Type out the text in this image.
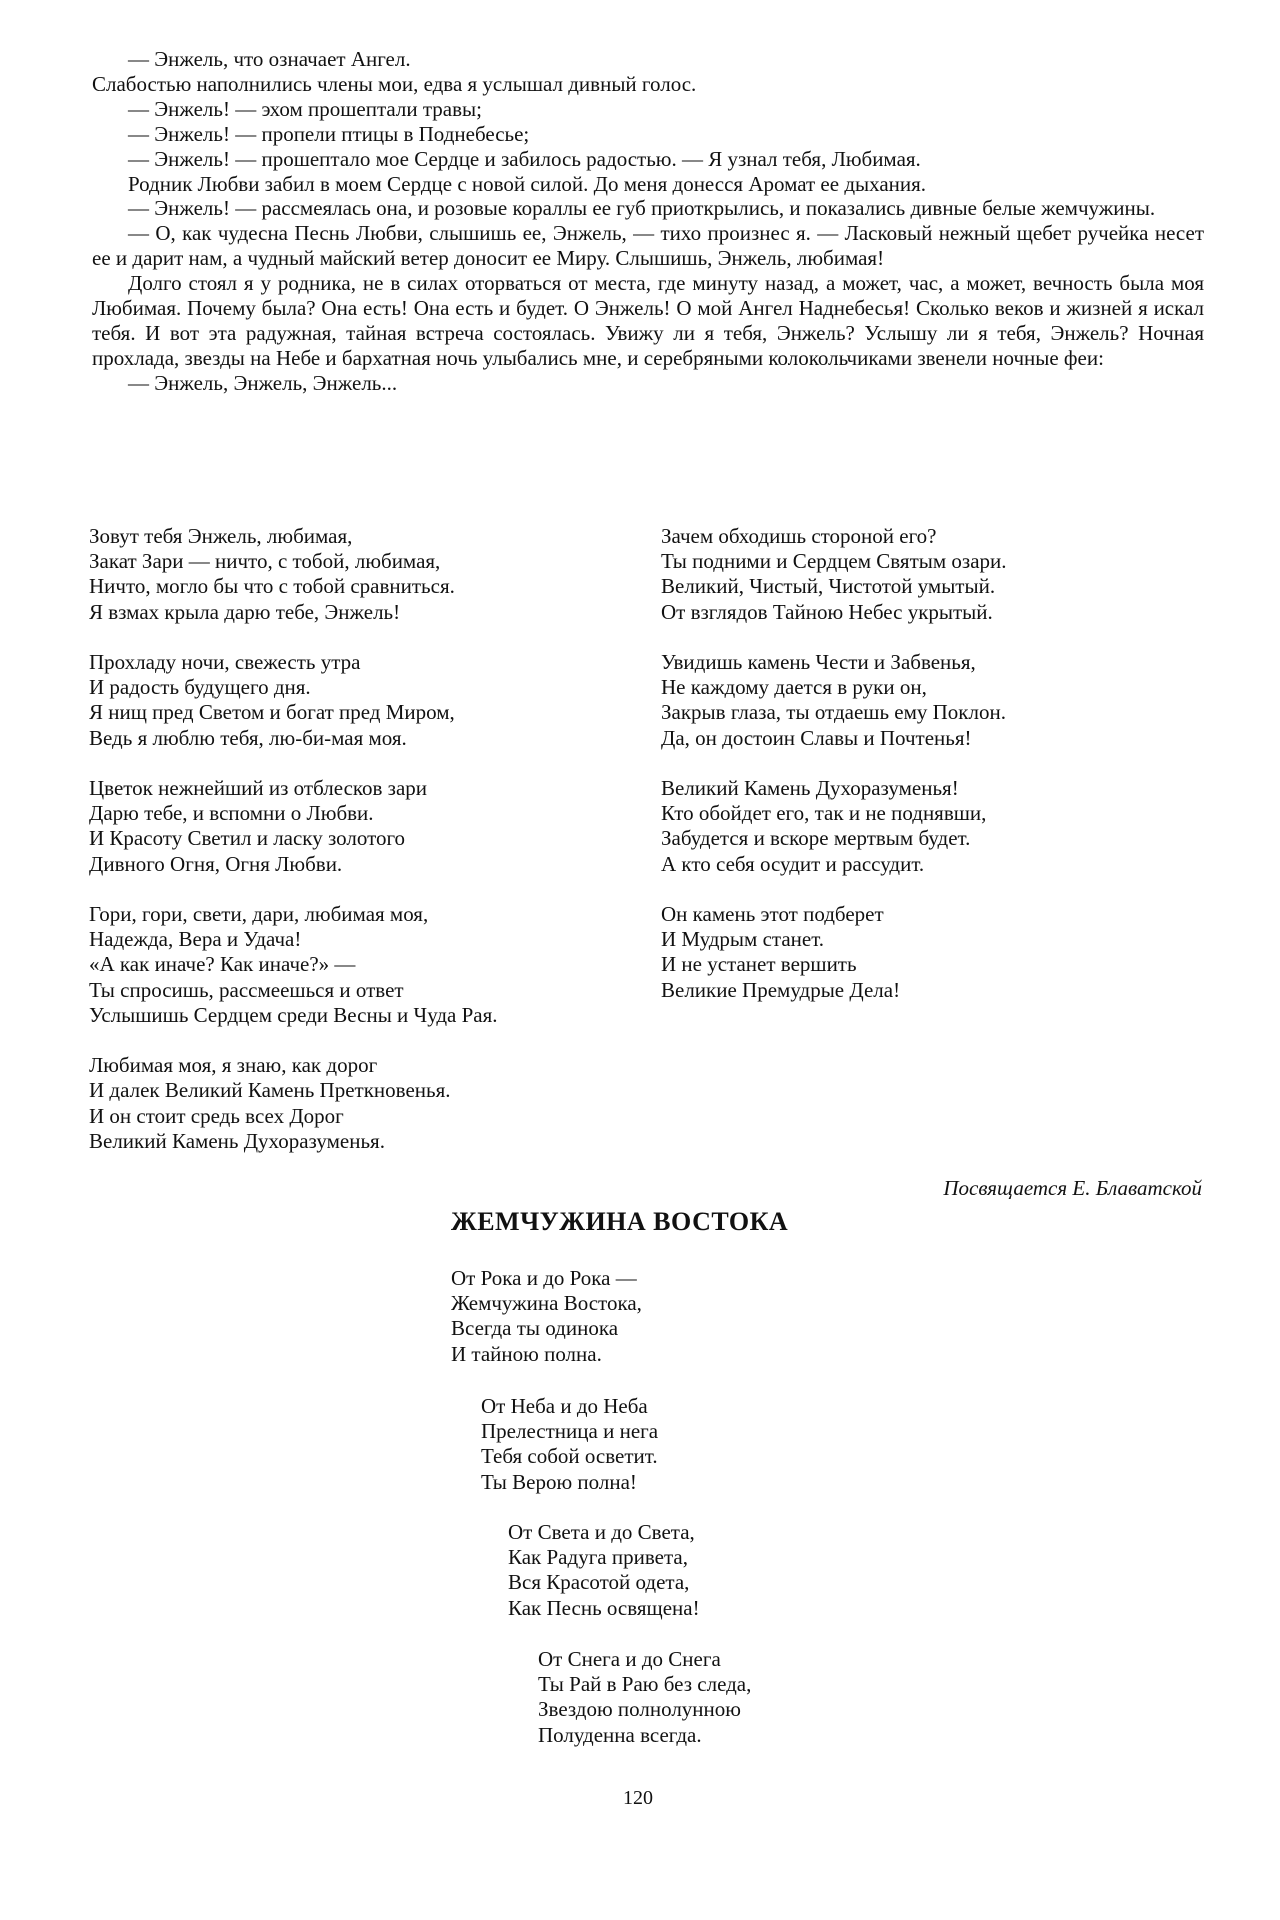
— Энжель, что означает Ангел.

Слабостью наполнились члены мои, едва я услышал дивный голос.

— Энжель! — эхом прошептали травы;

— Энжель! — пропели птицы в Поднебесье;

— Энжель! — прошептало мое Сердце и забилось радостью. — Я узнал тебя, Любимая.

Родник Любви забил в моем Сердце с новой силой. До меня донесся Аромат ее дыхания.

— Энжель! — рассмеялась она, и розовые кораллы ее губ приоткрылись, и показались дивные белые жемчужины.

— О, как чудесна Песнь Любви, слышишь ее, Энжель, — тихо произнес я. — Ласковый нежный щебет ручейка несет ее и дарит нам, а чудный майский ветер доносит ее Миру. Слышишь, Энжель, любимая!

Долго стоял я у родника, не в силах оторваться от места, где минуту назад, а может, час, а может, вечность была моя Любимая. Почему была? Она есть! Она есть и будет. О Энжель! О мой Ангел Наднебесья! Сколько веков и жизней я искал тебя. И вот эта радужная, тайная встреча состоялась. Увижу ли я тебя, Энжель? Услышу ли я тебя, Энжель? Ночная прохлада, звезды на Небе и бархатная ночь улыбались мне, и серебряными колокольчиками звенели ночные феи:

— Энжель, Энжель, Энжель...

Зовут тебя Энжель, любимая,
Закат Зари — ничто, с тобой, любимая,
Ничто, могло бы что с тобой сравниться.
Я взмах крыла дарю тебе, Энжель!
Прохладу ночи, свежесть утра
И радость будущего дня.
Я нищ пред Светом и богат пред Миром,
Ведь я люблю тебя, лю-би-мая моя.
Цветок нежнейший из отблесков зари
Дарю тебе, и вспомни о Любви.
И Красоту Светил и ласку золотого
Дивного Огня, Огня Любви.
Гори, гори, свети, дари, любимая моя,
Надежда, Вера и Удача!
«А как иначе? Как иначе?» —
Ты спросишь, рассмеешься и ответ
Услышишь Сердцем среди Весны и Чуда Рая.
Любимая моя, я знаю, как дорог
И далек Великий Камень Преткновенья.
И он стоит средь всех Дорог
Великий Камень Духоразуменья.
Зачем обходишь стороной его?
Ты подними и Сердцем Святым озари.
Великий, Чистый, Чистотой умытый.
От взглядов Тайною Небес укрытый.
Увидишь камень Чести и Забвенья,
Не каждому дается в руки он,
Закрыв глаза, ты отдаешь ему Поклон.
Да, он достоин Славы и Почтенья!
Великий Камень Духоразуменья!
Кто обойдет его, так и не поднявши,
Забудется и вскоре мертвым будет.
А кто себя осудит и рассудит.
Он камень этот подберет
И Мудрым станет.
И не устанет вершить
Великие Премудрые Дела!
Посвящается Е. Блаватской
ЖЕМЧУЖИНА ВОСТОКА
От Рока и до Рока —
Жемчужина Востока,
Всегда ты одинока
И тайною полна.
От Неба и до Неба
Прелестница и нега
Тебя собой осветит.
Ты Верою полна!
От Света и до Света,
Как Радуга привета,
Вся Красотой одета,
Как Песнь освящена!
От Снега и до Снега
Ты Рай в Раю без следа,
Звездою полнолунною
Полуденна всегда.
120
